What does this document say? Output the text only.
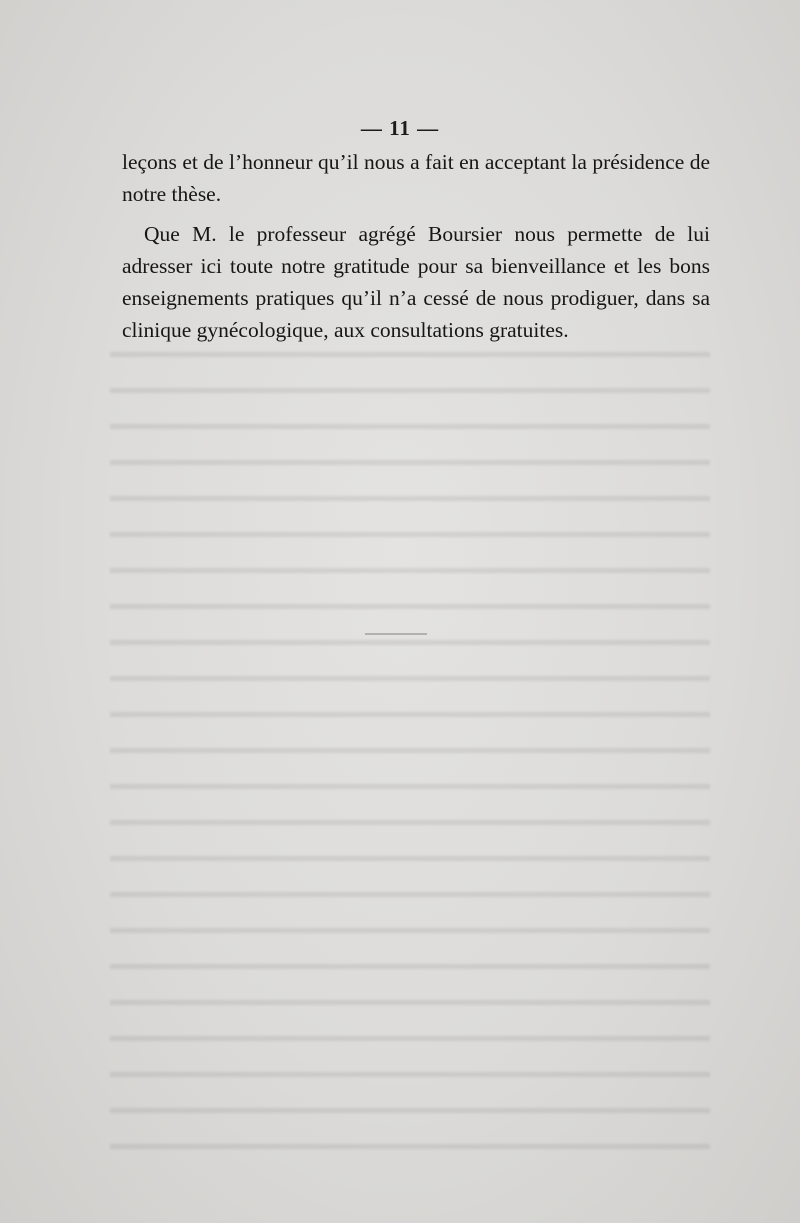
— 11 —

leçons et de l’honneur qu’il nous a fait en acceptant la présidence de notre thèse.

Que M. le professeur agrégé Boursier nous permette de lui adresser ici toute notre gratitude pour sa bienveillance et les bons enseignements pratiques qu’il n’a cessé de nous prodiguer, dans sa clinique gynécologique, aux consultations gratuites.
